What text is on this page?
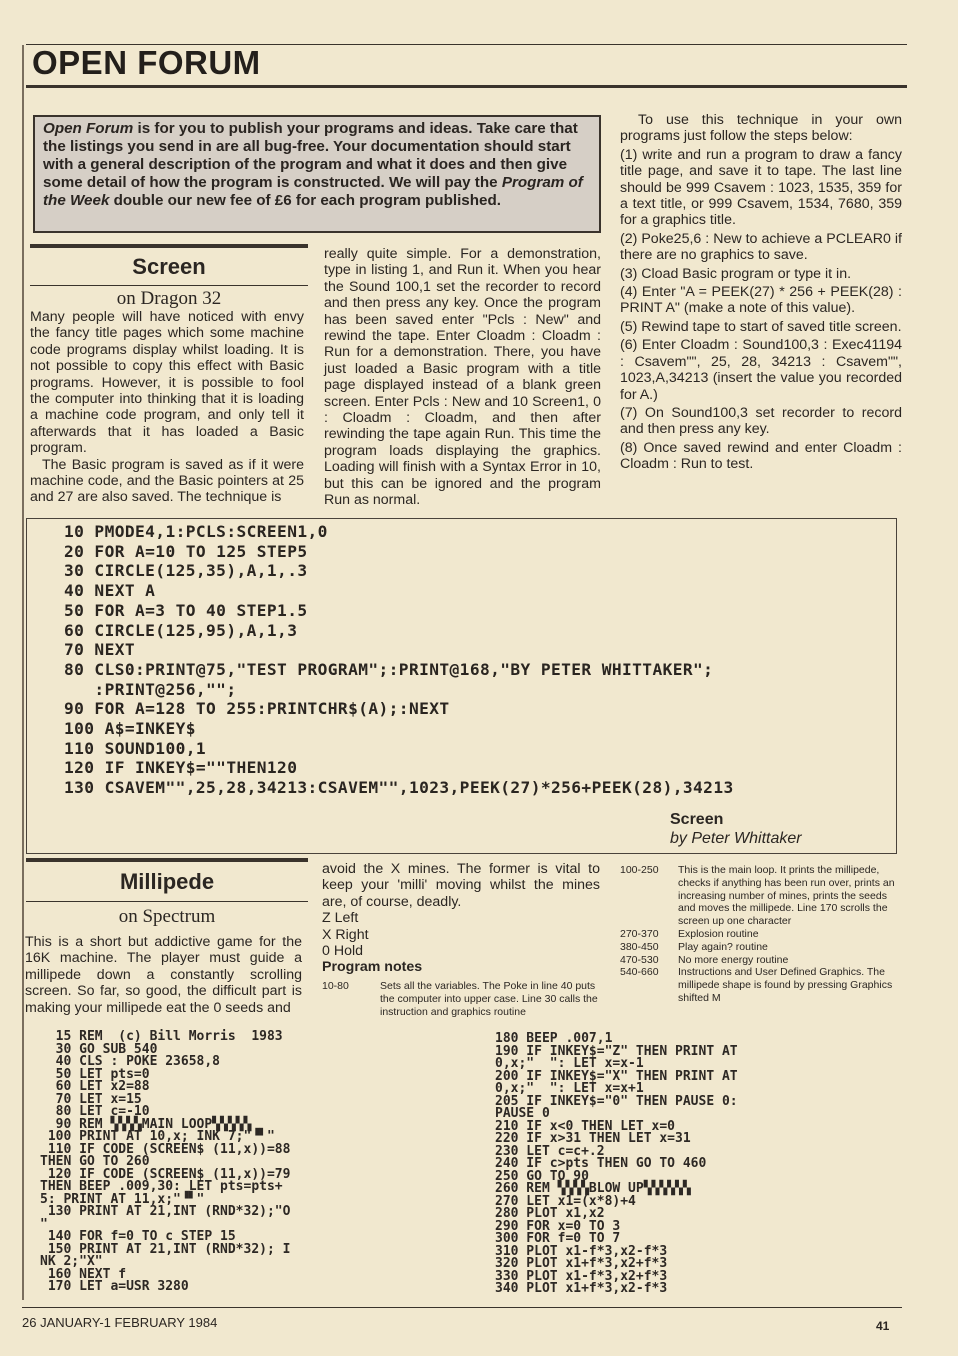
OPEN FORUM
Open Forum is for you to publish your programs and ideas. Take care that the listings you send in are all bug-free. Your documentation should start with a general description of the program and what it does and then give some detail of how the program is constructed. We will pay the Program of the Week double our new fee of £6 for each program published.
Screen
on Dragon 32

Many people will have noticed with envy the fancy title pages which some machine code programs display whilst loading. It is not possible to copy this effect with Basic programs. However, it is possible to fool the computer into thinking that it is loading a machine code program, and only tell it afterwards that it has loaded a Basic program.

The Basic program is saved as if it were machine code, and the Basic pointers at 25 and 27 are also saved. The technique is

really quite simple. For a demonstration, type in listing 1, and Run it. When you hear the Sound 100,1 set the recorder to record and then press any key. Once the program has been saved enter "Pcls : New" and rewind the tape. Enter Cloadm : Cloadm : Run for a demonstration. There, you have just loaded a Basic program with a title page displayed instead of a blank green screen. Enter Pcls : New and 10 Screen1, 0 : Cloadm : Cloadm, and then after rewinding the tape again Run. This time the program loads displaying the graphics. Loading will finish with a Syntax Error in 10, but this can be ignored and the program Run as normal.

To use this technique in your own programs just follow the steps below:

(1) write and run a program to draw a fancy title page, and save it to tape. The last line should be 999 Csavem : 1023, 1535, 359 for a text title, or 999 Csavem, 1534, 7680, 359 for a graphics title.

(2) Poke25,6 : New to achieve a PCLEAR0 if there are no graphics to save.

(3) Cload Basic program or type it in.

(4) Enter "A = PEEK(27) * 256 + PEEK(28) : PRINT A" (make a note of this value).

(5) Rewind tape to start of saved title screen.

(6) Enter Cloadm : Sound100,3 : Exec41194 : Csavem"", 25, 28, 34213 : Csavem"", 1023,A,34213 (insert the value you recorded for A.)

(7) On Sound100,3 set recorder to record and then press any key.

(8) Once saved rewind and enter Cloadm : Cloadm : Run to test.

10 PMODE4,1:PCLS:SCREEN1,0
20 FOR A=10 TO 125 STEP5
30 CIRCLE(125,35),A,1,.3
40 NEXT A
50 FOR A=3 TO 40 STEP1.5
60 CIRCLE(125,95),A,1,3
70 NEXT
80 CLS0:PRINT@75,"TEST PROGRAM";:PRINT@168,"BY PETER WHITTAKER";
:PRINT@256,"";
90 FOR A=128 TO 255:PRINTCHR$(A);:NEXT
100 A$=INKEY$
110 SOUND100,1
120 IF INKEY$=""THEN120
130 CSAVEM"",25,28,34213:CSAVEM"",1023,PEEK(27)*256+PEEK(28),34213
Screen
by Peter Whittaker
Millipede
on Spectrum
This is a short but addictive game for the 16K machine. The player must guide a millipede down a constantly scrolling screen. So far, so good, the difficult part is making your millipede eat the 0 seeds and

avoid the X mines. The former is vital to keep your 'milli' moving whilst the mines are, of course, deadly.

Z Left

X Right

0 Hold

Program notes

10-80	Sets all the variables. The Poke in line 40 puts the computer into upper case. Line 30 calls the instruction and graphics routine
100-250	This is the main loop. It prints the millipede, checks if anything has been run over, prints an increasing number of mines, prints the seeds and moves the millipede. Line 170 scrolls the screen up one character
270-370	Explosion routine
380-450	Play again? routine
470-530	No more energy routine
540-660	Instructions and User Defined Graphics. The millipede shape is found by pressing Graphics shifted M
15 REM  (c) Bill Morris  1983
30 GO SUB 540
40 CLS : POKE 23658,8
50 LET pts=0
60 LET x2=88
70 LET x=15
80 LET c=-10
90 REM ▚▚▚▚MAIN LOOP▚▚▚▚▚
100 PRINT AT 10,x; INK 7;"▝▘"
110 IF CODE (SCREEN$ (11,x))=88
THEN GO TO 260
120 IF CODE (SCREEN$ (11,x))=79
THEN BEEP .009,30: LET pts=pts+
5: PRINT AT 11,x;"▝▘"
130 PRINT AT 21,INT (RND*32);"O
"
140 FOR f=0 TO c STEP 15
150 PRINT AT 21,INT (RND*32); I
NK 2;"X"
160 NEXT f
170 LET a=USR 3280
180 BEEP .007,1
190 IF INKEY$="Z" THEN PRINT AT
0,x;"  ": LET x=x-1
200 IF INKEY$="X" THEN PRINT AT
0,x;"  ": LET x=x+1
205 IF INKEY$="0" THEN PAUSE 0:
PAUSE 0
210 IF x<0 THEN LET x=0
220 IF x>31 THEN LET x=31
230 LET c=c+.2
240 IF c>pts THEN GO TO 460
250 GO TO 90
260 REM ▚▚▚▚BLOW UP▚▚▚▚▚▚
270 LET x1=(x*8)+4
280 PLOT x1,x2
290 FOR x=0 TO 3
300 FOR f=0 TO 7
310 PLOT x1-f*3,x2-f*3
320 PLOT x1+f*3,x2+f*3
330 PLOT x1-f*3,x2+f*3
340 PLOT x1+f*3,x2-f*3
26 JANUARY-1 FEBRUARY 1984	41
